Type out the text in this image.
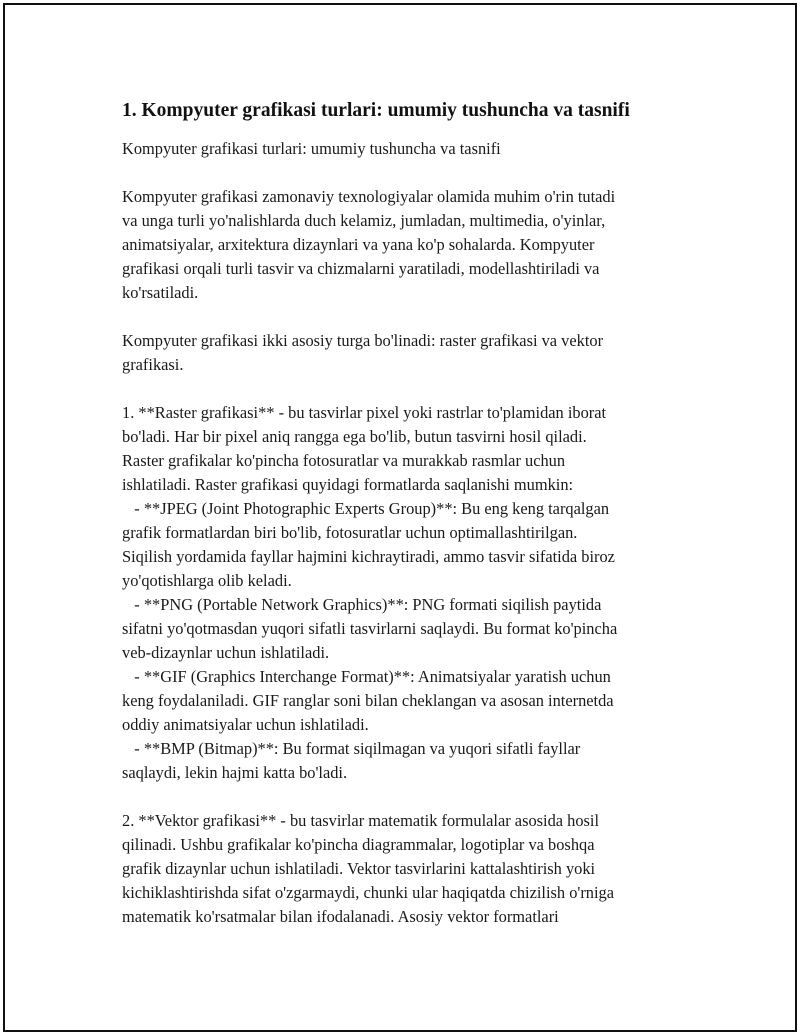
1. Kompyuter grafikasi turlari: umumiy tushuncha va tasnifi

Kompyuter grafikasi turlari: umumiy tushuncha va tasnifi

Kompyuter grafikasi zamonaviy texnologiyalar olamida muhim o'rin tutadi
va unga turli yo'nalishlarda duch kelamiz, jumladan, multimedia, o'yinlar,
animatsiyalar, arxitektura dizaynlari va yana ko'p sohalarda. Kompyuter
grafikasi orqali turli tasvir va chizmalarni yaratiladi, modellashtiriladi va
ko'rsatiladi.

Kompyuter grafikasi ikki asosiy turga bo'linadi: raster grafikasi va vektor
grafikasi.

1. **Raster grafikasi** - bu tasvirlar pixel yoki rastrlar to'plamidan iborat
bo'ladi. Har bir pixel aniq rangga ega bo'lib, butun tasvirni hosil qiladi.
Raster grafikalar ko'pincha fotosuratlar va murakkab rasmlar uchun
ishlatiladi. Raster grafikasi quyidagi formatlarda saqlanishi mumkin:
- **JPEG (Joint Photographic Experts Group)**: Bu eng keng tarqalgan
grafik formatlardan biri bo'lib, fotosuratlar uchun optimallashtirilgan.
Siqilish yordamida fayllar hajmini kichraytiradi, ammo tasvir sifatida biroz
yo'qotishlarga olib keladi.
- **PNG (Portable Network Graphics)**: PNG formati siqilish paytida
sifatni yo'qotmasdan yuqori sifatli tasvirlarni saqlaydi. Bu format ko'pincha
veb-dizaynlar uchun ishlatiladi.
- **GIF (Graphics Interchange Format)**: Animatsiyalar yaratish uchun
keng foydalaniladi. GIF ranglar soni bilan cheklangan va asosan internetda
oddiy animatsiyalar uchun ishlatiladi.
- **BMP (Bitmap)**: Bu format siqilmagan va yuqori sifatli fayllar
saqlaydi, lekin hajmi katta bo'ladi.

2. **Vektor grafikasi** - bu tasvirlar matematik formulalar asosida hosil
qilinadi. Ushbu grafikalar ko'pincha diagrammalar, logotiplar va boshqa
grafik dizaynlar uchun ishlatiladi. Vektor tasvirlarini kattalashtirish yoki
kichiklashtirishda sifat o'zgarmaydi, chunki ular haqiqatda chizilish o'rniga
matematik ko'rsatmalar bilan ifodalanadi. Asosiy vektor formatlari
